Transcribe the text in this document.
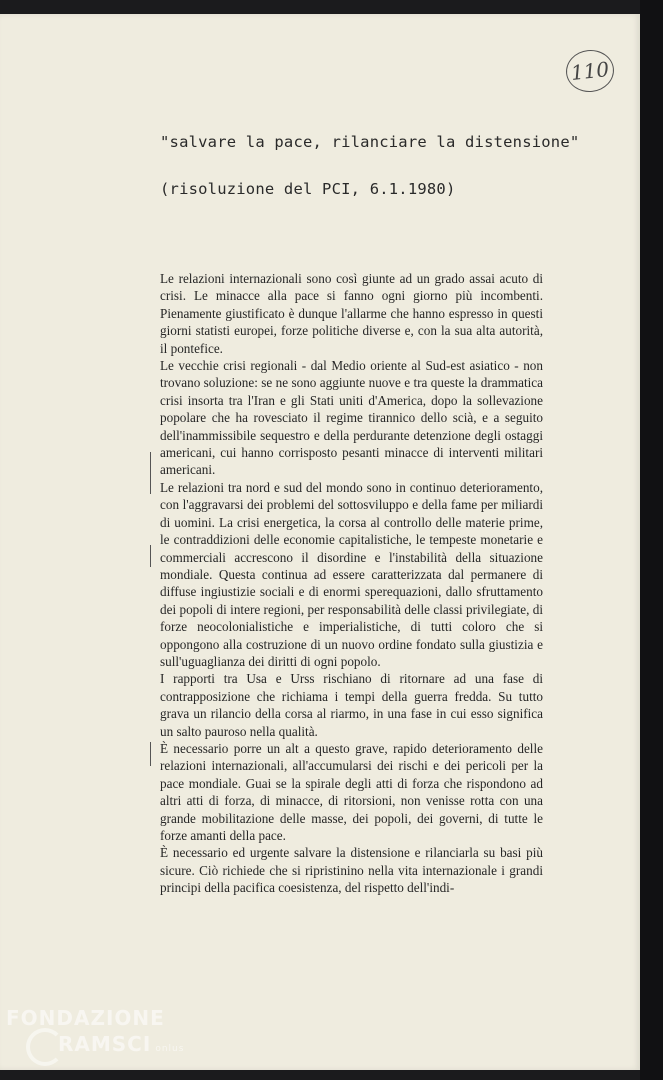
110
"salvare la pace, rilanciare la distensione"
(risoluzione del PCI, 6.1.1980)

Le relazioni internazionali sono così giunte ad un grado assai acuto di crisi. Le minacce alla pace si fanno ogni giorno più incombenti. Pienamente giustificato è dunque l'allarme che hanno espresso in questi giorni statisti europei, forze politiche diverse e, con la sua alta autorità, il pontefice.

Le vecchie crisi regionali - dal Medio oriente al Sud-est asiatico - non trovano soluzione: se ne sono aggiunte nuove e tra queste la drammatica crisi insorta tra l'Iran e gli Stati uniti d'America, dopo la sollevazione popolare che ha rovesciato il regime tirannico dello scià, e a seguito dell'inammissibile sequestro e della perdurante detenzione degli ostaggi americani, cui hanno corrisposto pesanti minacce di interventi militari americani.

Le relazioni tra nord e sud del mondo sono in continuo deterioramento, con l'aggravarsi dei problemi del sottosviluppo e della fame per miliardi di uomini. La crisi energetica, la corsa al controllo delle materie prime, le contraddizioni delle economie capitalistiche, le tempeste monetarie e commerciali accrescono il disordine e l'instabilità della situazione mondiale. Questa continua ad essere caratterizzata dal permanere di diffuse ingiustizie sociali e di enormi sperequazioni, dallo sfruttamento dei popoli di intere regioni, per responsabilità delle classi privilegiate, di forze neocolonialistiche e imperialistiche, di tutti coloro che si oppongono alla costruzione di un nuovo ordine fondato sulla giustizia e sull'uguaglianza dei diritti di ogni popolo.

I rapporti tra Usa e Urss rischiano di ritornare ad una fase di contrapposizione che richiama i tempi della guerra fredda. Su tutto grava un rilancio della corsa al riarmo, in una fase in cui esso significa un salto pauroso nella qualità.

È necessario porre un alt a questo grave, rapido deterioramento delle relazioni internazionali, all'accumularsi dei rischi e dei pericoli per la pace mondiale. Guai se la spirale degli atti di forza che rispondono ad altri atti di forza, di minacce, di ritorsioni, non venisse rotta con una grande mobilitazione delle masse, dei popoli, dei governi, di tutte le forze amanti della pace.

È necessario ed urgente salvare la distensione e rilanciarla su basi più sicure. Ciò richiede che si ripristinino nella vita internazionale i grandi principi della pacifica coesistenza, del rispetto dell'indi-

FONDAZIONE
RAMSCI onlus
